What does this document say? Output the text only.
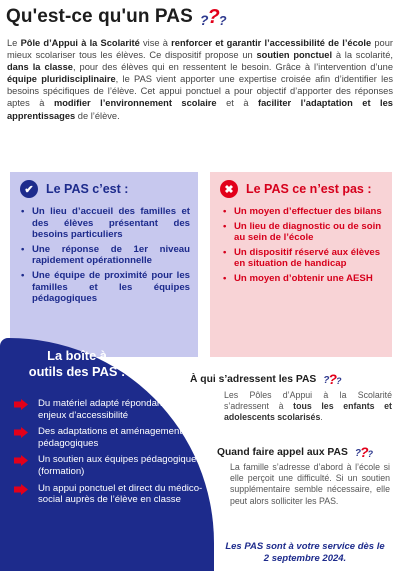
Qu'est-ce qu'un PAS ? ? ?

Le Pôle d’Appui à la Scolarité vise à renforcer et garantir l’accessibilité de l’école pour mieux scolariser tous les élèves. Ce dispositif propose un soutien ponctuel à la scolarité, dans la classe, pour des élèves qui en ressentent le besoin. Grâce à l’intervention d’une équipe pluridisciplinaire, le PAS vient apporter une expertise croisée afin d’identifier les besoins spécifiques de l’élève. Cet appui ponctuel a pour objectif d’apporter des réponses aptes à modifier l’environnement scolaire et à faciliter l’adaptation et les apprentissages de l’élève.

✔ Le PAS c’est :
• Un lieu d’accueil des familles et des élèves présentant des besoins particuliers
• Une réponse de 1er niveau rapidement opérationnelle
• Une équipe de proximité pour les familles et les équipes pédagogiques
✖ Le PAS ce n’est pas :
• Un moyen d’effectuer des bilans
• Un lieu de diagnostic ou de soin au sein de l’école
• Un dispositif réservé aux élèves en situation de handicap
• Un moyen d’obtenir une AESH
La boîte à
outils des PAS :
Du matériel adapté répondant à des enjeux d’accessibilité
Des adaptations et aménagements pédagogiques
Un soutien aux équipes pédagogiques (formation)
Un appui ponctuel et direct du médico-social auprès de l’élève en classe
À qui s’adressent les PAS ? ? ?

Les Pôles d’Appui à la Scolarité s’adressent à tous les enfants et adolescents scolarisés.

Quand faire appel aux PAS ? ? ?

La famille s’adresse d’abord à l’école si elle perçoit une difficulté. Si un soutien supplémentaire semble nécessaire, elle peut alors solliciter les PAS.

Les PAS sont à votre service dès le
2 septembre 2024.
